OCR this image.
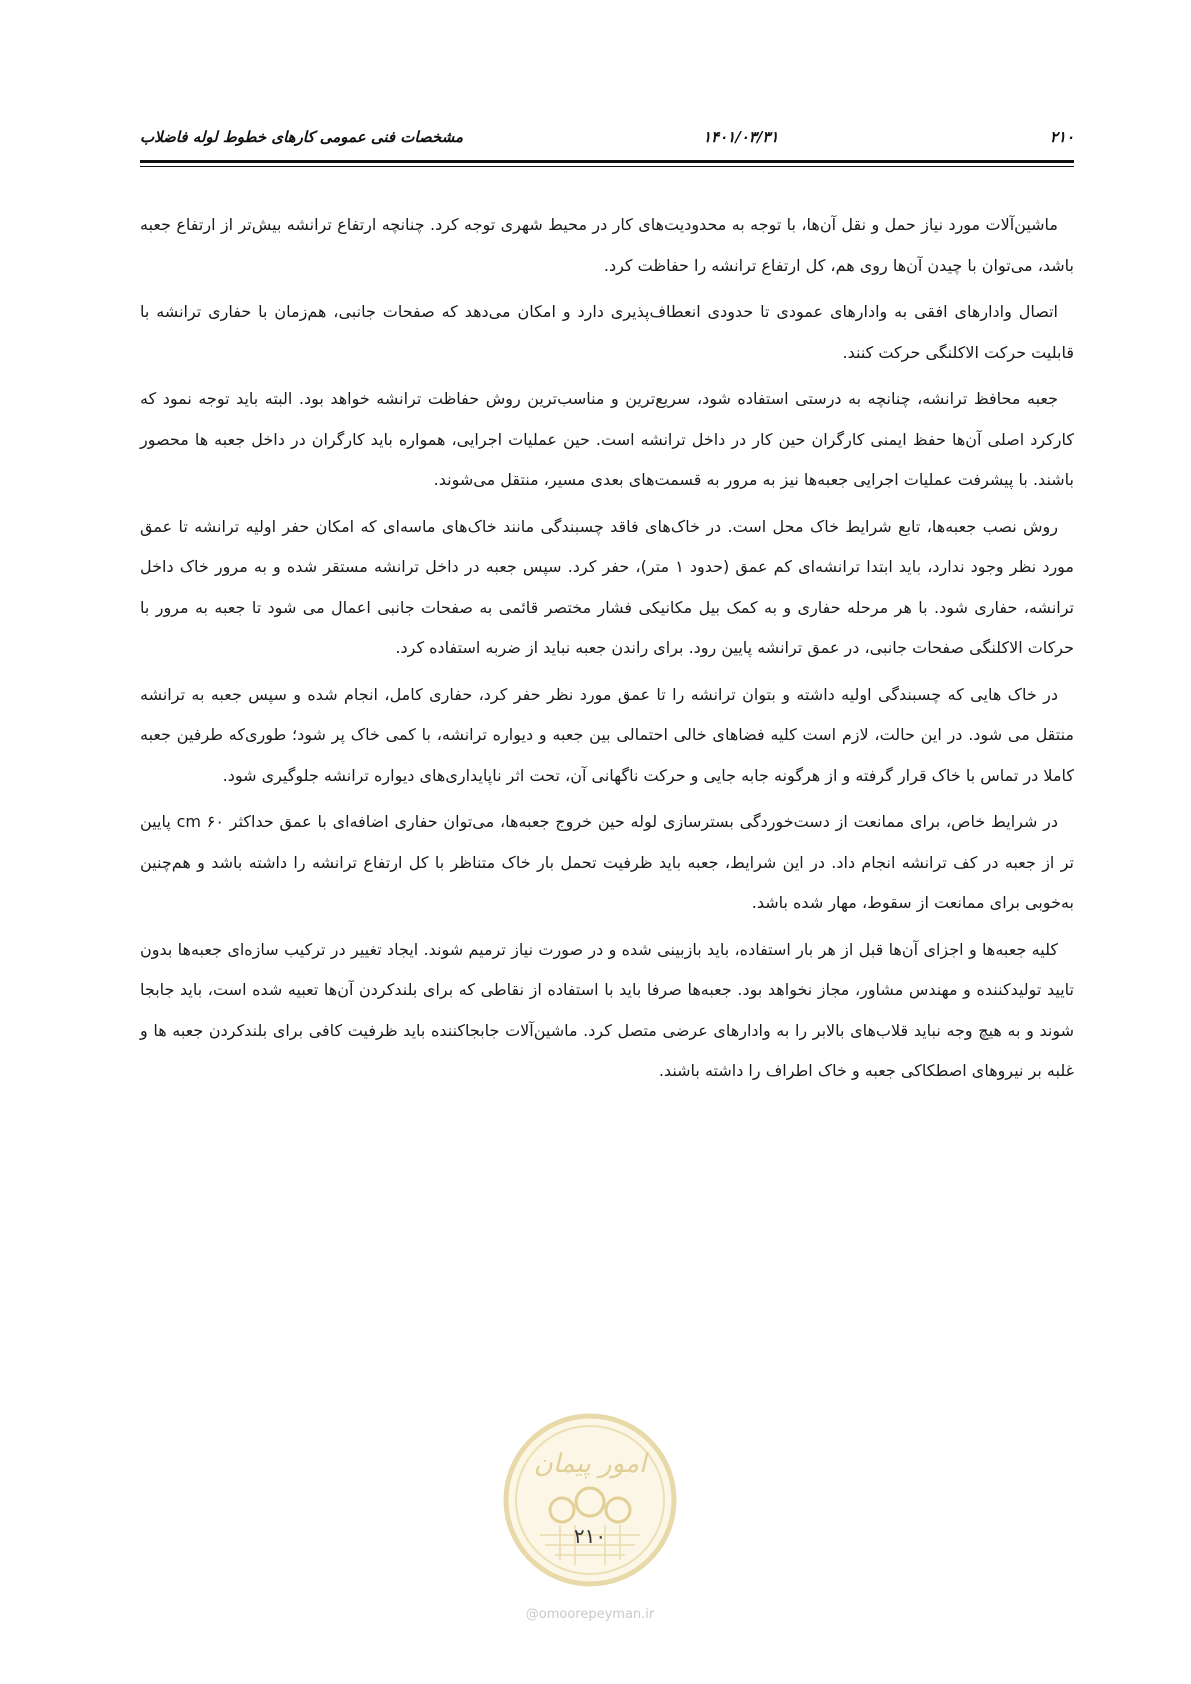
مشخصات فنی عمومی کارهای خطوط لوله فاضلاب	۱۴۰۱/۰۳/۳۱	۲۱۰

ماشین‌آلات مورد نیاز حمل و نقل آن‌ها، با توجه به محدودیت‌های کار در محیط شهری توجه کرد. چنانچه ارتفاع ترانشه بیش‌تر از ارتفاع جعبه باشد، می‌توان با چیدن آن‌ها روی هم، کل ارتفاع ترانشه را حفاظت کرد.

اتصال وادارهای افقی به وادارهای عمودی تا حدودی انعطاف‌پذیری دارد و امکان می‌دهد که صفحات جانبی، هم‌زمان با حفاری ترانشه با قابلیت حرکت الاکلنگی حرکت کنند.

جعبه محافظ ترانشه، چنانچه به درستی استفاده شود، سریع‌ترین و مناسب‌ترین روش حفاظت ترانشه خواهد بود. البته باید توجه نمود که کارکرد اصلی آن‌ها حفظ ایمنی کارگران حین کار در داخل ترانشه است. حین عملیات اجرایی، همواره باید کارگران در داخل جعبه ها محصور باشند. با پیشرفت عملیات اجرایی جعبه‌ها نیز به مرور به قسمت‌های بعدی مسیر، منتقل می‌شوند.

روش نصب جعبه‌ها، تابع شرایط خاک محل است. در خاک‌های فاقد چسبندگی مانند خاک‌های ماسه‌ای که امکان حفر اولیه ترانشه تا عمق مورد نظر وجود ندارد، باید ابتدا ترانشه‌ای کم عمق (حدود ۱ متر)، حفر کرد. سپس جعبه در داخل ترانشه مستقر شده و به مرور خاک داخل ترانشه، حفاری شود. با هر مرحله حفاری و به کمک بیل مکانیکی فشار مختصر قائمی به صفحات جانبی اعمال می شود تا جعبه به مرور با حرکات الاکلنگی صفحات جانبی، در عمق ترانشه پایین رود. برای راندن جعبه نباید از ضربه استفاده کرد.

در خاک هایی که چسبندگی اولیه داشته و بتوان ترانشه را تا عمق مورد نظر حفر کرد، حفاری کامل، انجام شده و سپس جعبه به ترانشه منتقل می شود. در این حالت، لازم است کلیه فضاهای خالی احتمالی بین جعبه و دیواره ترانشه، با کمی خاک پر شود؛ طوری‌که طرفین جعبه کاملا در تماس با خاک قرار گرفته و از هرگونه جابه جایی و حرکت ناگهانی آن، تحت اثر ناپایداری‌های دیواره ترانشه جلوگیری شود.

در شرایط خاص، برای ممانعت از دست‌خوردگی بسترسازی لوله حین خروج جعبه‌ها، می‌توان حفاری اضافه‌ای با عمق حداکثر ۶۰ cm پایین تر از جعبه در کف ترانشه انجام داد. در این شرایط، جعبه باید ظرفیت تحمل بار خاک متناظر با کل ارتفاع ترانشه را داشته باشد و هم‌چنین به‌خوبی برای ممانعت از سقوط، مهار شده باشد.

کلیه جعبه‌ها و اجزای آن‌ها قبل از هر بار استفاده، باید بازبینی شده و در صورت نیاز ترمیم شوند. ایجاد تغییر در ترکیب سازه‌ای جعبه‌ها بدون تایید تولیدکننده و مهندس مشاور، مجاز نخواهد بود. جعبه‌ها صرفا باید با استفاده از نقاطی که برای بلندکردن آن‌ها تعبیه شده است، باید جابجا شوند و به هیچ وجه نباید قلاب‌های بالابر را به وادارهای عرضی متصل کرد. ماشین‌آلات جابجاکننده باید ظرفیت کافی برای بلندکردن جعبه ها و غلبه بر نیروهای اصطکاکی جعبه و خاک اطراف را داشته باشند.

امور پیمان
۲۱۰
@omoorepeyman.ir
